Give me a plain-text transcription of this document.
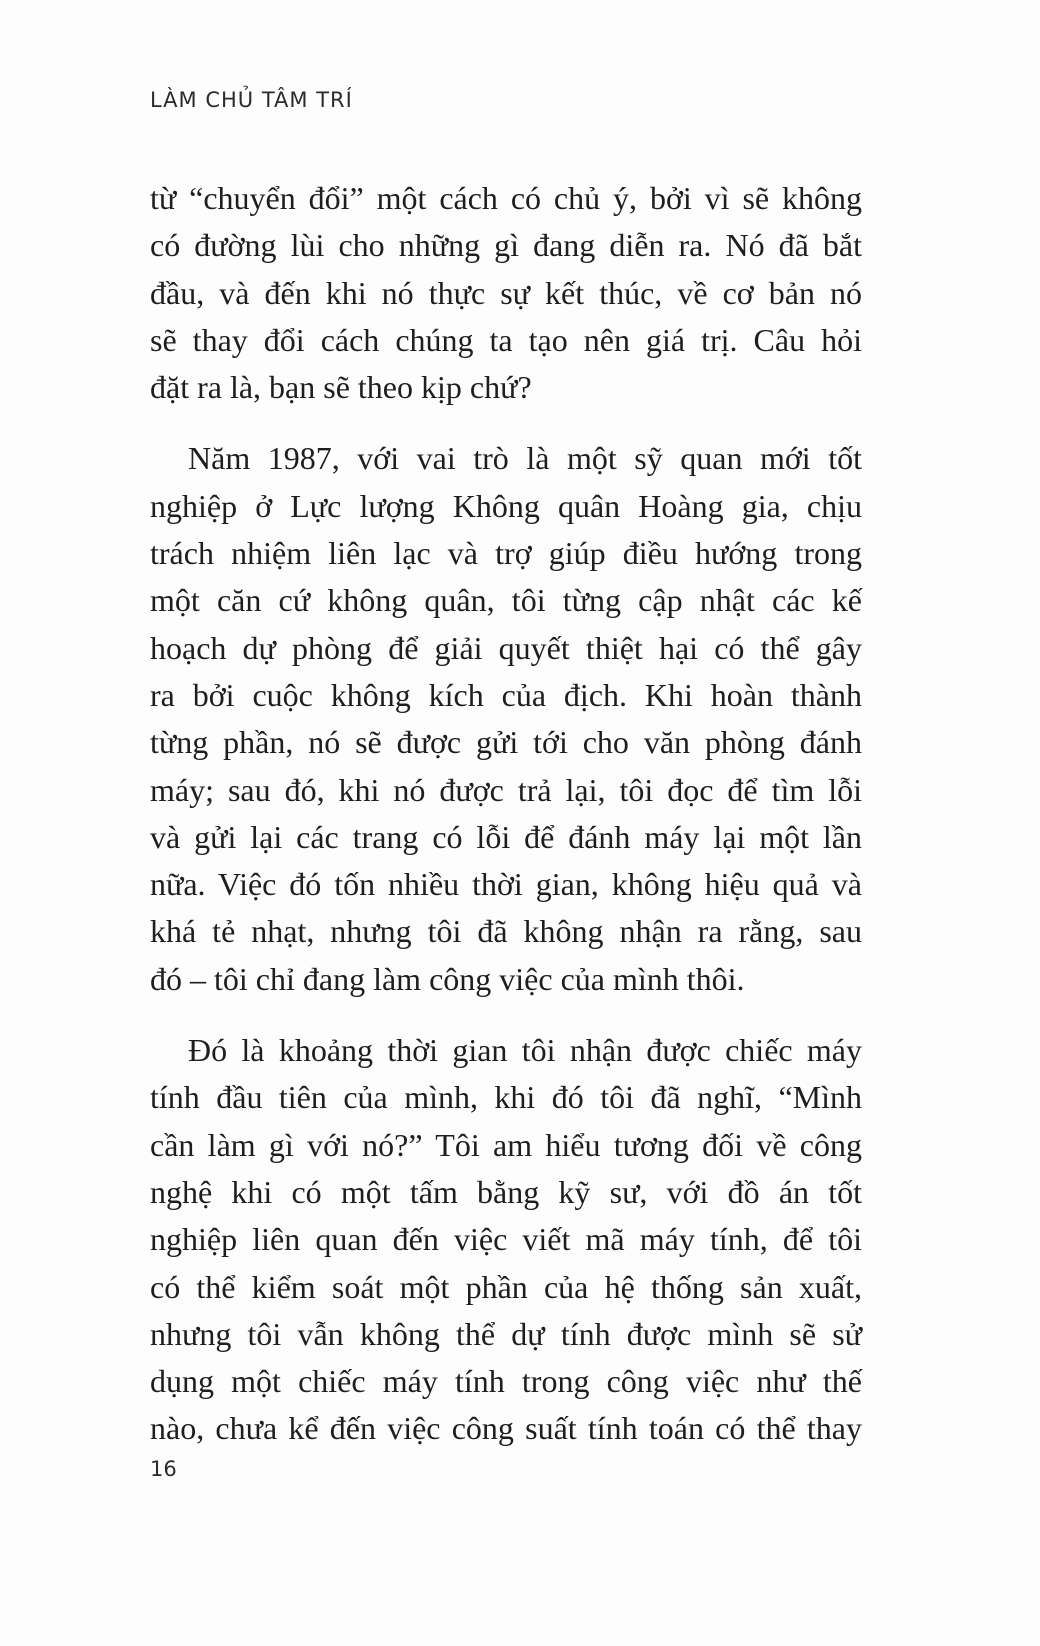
LÀM CHỦ TÂM TRÍ
từ “chuyển đổi” một cách có chủ ý, bởi vì sẽ không
có đường lùi cho những gì đang diễn ra. Nó đã bắt
đầu, và đến khi nó thực sự kết thúc, về cơ bản nó
sẽ thay đổi cách chúng ta tạo nên giá trị. Câu hỏi
đặt ra là, bạn sẽ theo kịp chứ?
Năm 1987, với vai trò là một sỹ quan mới tốt
nghiệp ở Lực lượng Không quân Hoàng gia, chịu
trách nhiệm liên lạc và trợ giúp điều hướng trong
một căn cứ không quân, tôi từng cập nhật các kế
hoạch dự phòng để giải quyết thiệt hại có thể gây
ra bởi cuộc không kích của địch. Khi hoàn thành
từng phần, nó sẽ được gửi tới cho văn phòng đánh
máy; sau đó, khi nó được trả lại, tôi đọc để tìm lỗi
và gửi lại các trang có lỗi để đánh máy lại một lần
nữa. Việc đó tốn nhiều thời gian, không hiệu quả và
khá tẻ nhạt, nhưng tôi đã không nhận ra rằng, sau
đó – tôi chỉ đang làm công việc của mình thôi.
Đó là khoảng thời gian tôi nhận được chiếc máy
tính đầu tiên của mình, khi đó tôi đã nghĩ, “Mình
cần làm gì với nó?” Tôi am hiểu tương đối về công
nghệ khi có một tấm bằng kỹ sư, với đồ án tốt
nghiệp liên quan đến việc viết mã máy tính, để tôi
có thể kiểm soát một phần của hệ thống sản xuất,
nhưng tôi vẫn không thể dự tính được mình sẽ sử
dụng một chiếc máy tính trong công việc như thế
nào, chưa kể đến việc công suất tính toán có thể thay
16
